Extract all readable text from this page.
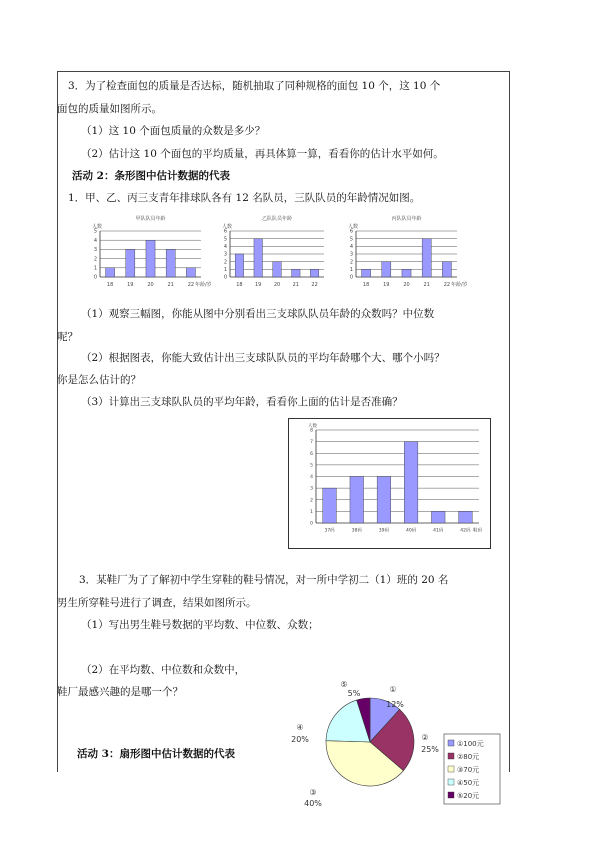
3．为了检查面包的质量是否达标，随机抽取了同种规格的面包 10 个，这 10 个
面包的质量如图所示。
（1）这 10 个面包质量的众数是多少？
（2）估计这 10 个面包的平均质量，再具体算一算，看看你的估计水平如何。
活动 2：条形图中估计数据的代表
1．甲、乙、丙三支青年排球队各有 12 名队员，三队队员的年龄情况如图。
甲队队员年龄
0
1
2
3
4
5
人数
18	19	20	21	22 年龄/岁
乙队队员年龄
0
1
2
3
4
5
6
人数
18 19 20 21 22
丙队队员年龄
0
1
2
3
4
5
6
人数
18	19	20	21	22 年龄/岁
（1）观察三幅图，你能从图中分别看出三支球队队员年龄的众数吗？中位数
呢？
（2）根据图表，你能大致估计出三支球队队员的平均年龄哪个大、哪个小吗？
你是怎么估计的？
（3）计算出三支球队队员的平均年龄，看看你上面的估计是否准确？
0
1
2
3
4
5
6
7
8
人数
37码	38码	39码	40码	41码	42码 鞋码
3．某鞋厂为了了解初中学生穿鞋的鞋号情况，对一所中学初二（1）班的 20 名
男生所穿鞋号进行了调查，结果如图所示。
（1）写出男生鞋号数据的平均数、中位数、众数；
（2）在平均数、中位数和众数中，
鞋厂最感兴趣的是哪一个？
活动 3：扇形图中估计数据的代表
①
12%
②
25%
③
40%
④
20%
⑤
5%
①100元
②80元
③70元
④50元
⑤20元
